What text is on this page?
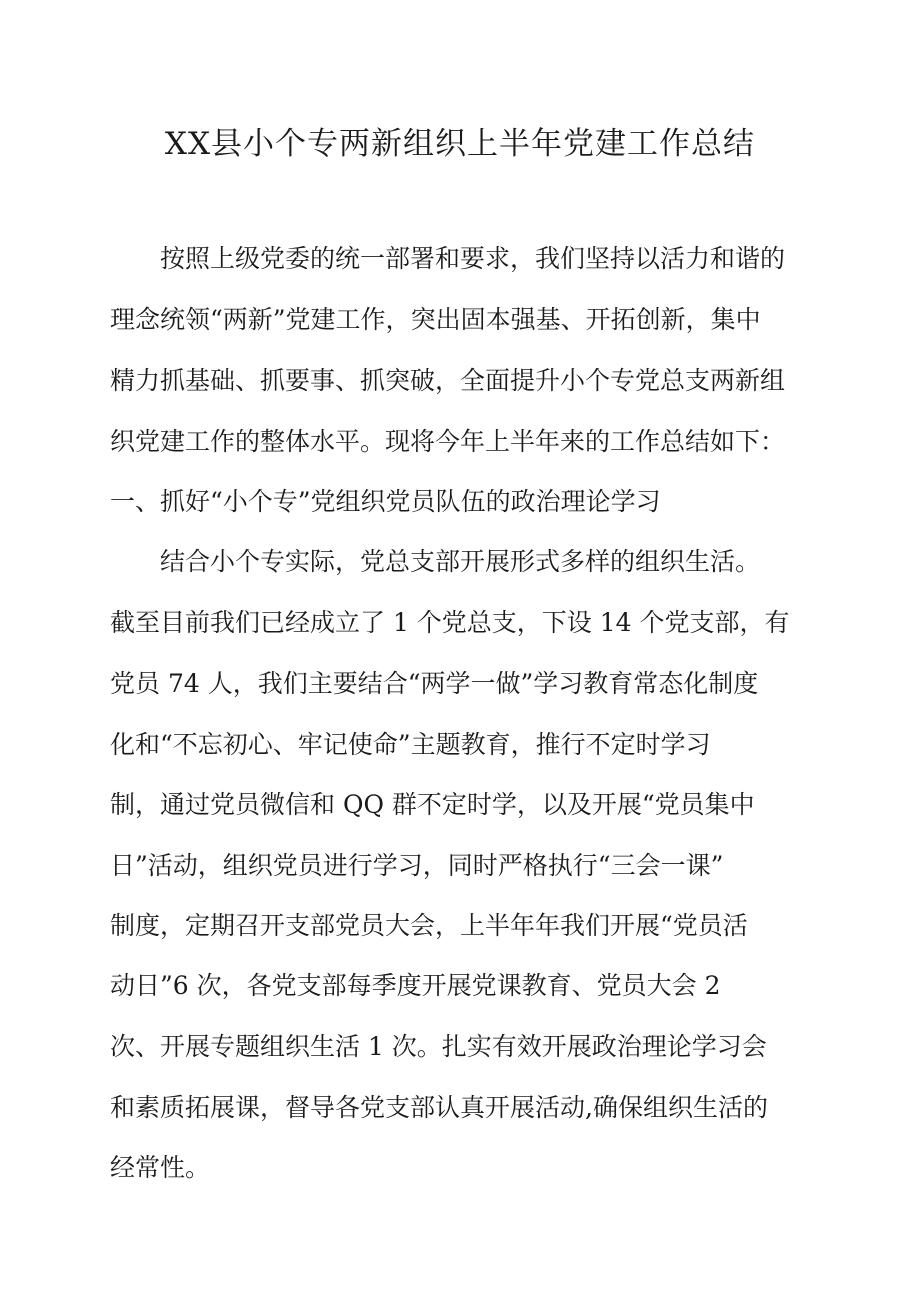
XX县小个专两新组织上半年党建工作总结
　　按照上级党委的统一部署和要求，我们坚持以活力和谐的
理念统领“两新”党建工作，突出固本强基、开拓创新，集中
精力抓基础、抓要事、抓突破，全面提升小个专党总支两新组
织党建工作的整体水平。现将今年上半年来的工作总结如下：
一、抓好“小个专”党组织党员队伍的政治理论学习
　　结合小个专实际，党总支部开展形式多样的组织生活。
截至目前我们已经成立了 1 个党总支，下设 14 个党支部，有
党员 74 人，我们主要结合“两学一做”学习教育常态化制度
化和“不忘初心、牢记使命”主题教育，推行不定时学习
制，通过党员微信和 QQ 群不定时学，以及开展“党员集中
日”活动，组织党员进行学习，同时严格执行“三会一课”
制度，定期召开支部党员大会，上半年年我们开展“党员活
动日”6 次，各党支部每季度开展党课教育、党员大会 2
次、开展专题组织生活 1 次。扎实有效开展政治理论学习会
和素质拓展课，督导各党支部认真开展活动,确保组织生活的
经常性。
